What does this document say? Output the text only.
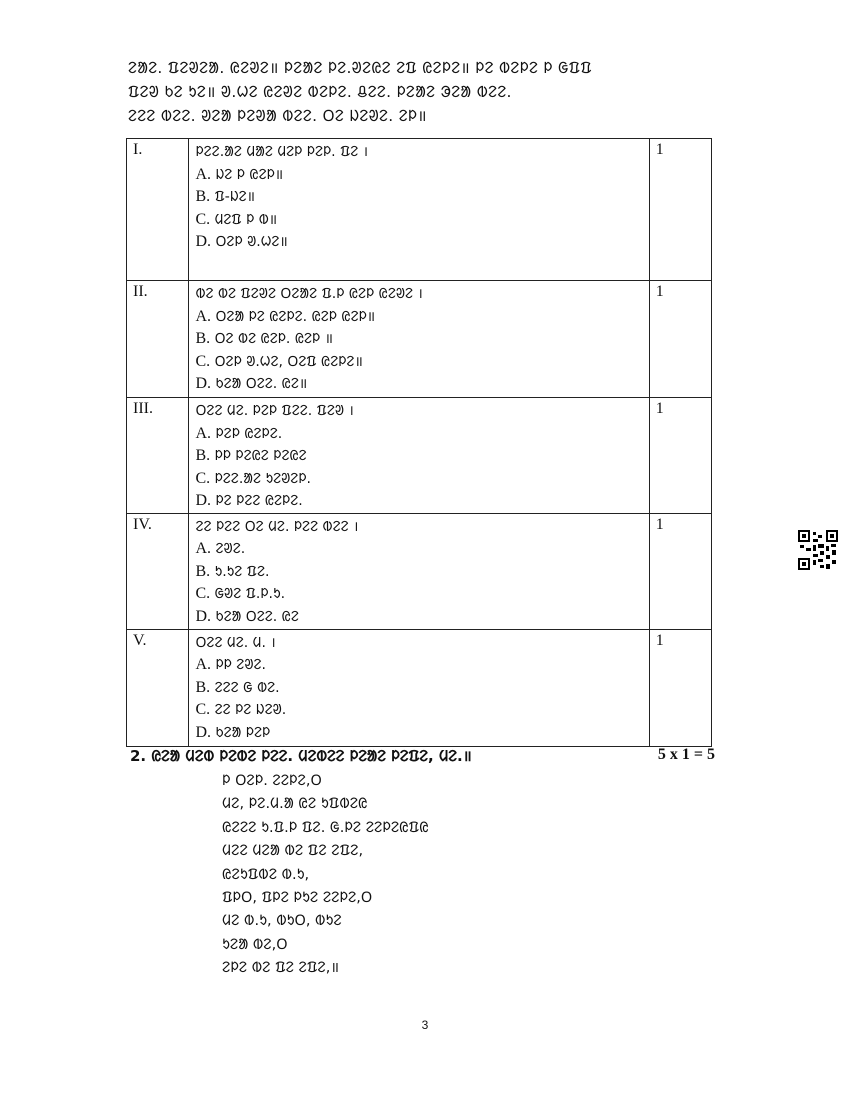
ᱮᱟᱮ. ᱯᱮᱣᱮᱟ. ᱭᱮᱣᱮ॥ ᱞᱮᱟᱮ ᱞᱮ.ᱣᱮᱭᱮ ᱮᱯ ᱭᱮᱞᱮ॥ ᱞᱮ ᱵᱮᱞᱮ ᱞ ᱜᱯᱯ
ᱯᱮᱣ ᱠᱮ ᱩᱮ॥ ᱣ.ᱦᱮ ᱭᱮᱣᱮ ᱵᱮᱞᱮ. ᱪᱮᱮ. ᱞᱮᱟᱮ ᱳᱮᱟ ᱵᱮᱮ.
ᱮᱮᱮ ᱵᱮᱮ. ᱣᱮᱟ ᱞᱮᱣᱟ ᱵᱮᱮ. ᱛᱮ ᱡᱮᱣᱮ. ᱮᱞ॥
I.	ᱞᱮᱮ.ᱟᱮ ᱢᱟᱮ ᱢᱮᱞ ᱞᱮᱞ. ᱯᱮ ।
A. ᱡᱮ ᱞ ᱭᱮᱞ॥
B. ᱯ-ᱡᱮ॥
C. ᱢᱮᱯ ᱞ ᱵ॥
D. ᱛᱮᱞ ᱣ.ᱦᱮ॥	1
II.	ᱵᱮ ᱵᱮ ᱯᱮᱣᱮ ᱛᱮᱟᱮ ᱯ.ᱞ ᱭᱮᱞ ᱭᱮᱣᱮ ।
A. ᱛᱮᱟ ᱞᱮ ᱭᱮᱞᱮ. ᱭᱮᱞ ᱭᱮᱞ॥
B. ᱛᱮ ᱵᱮ ᱭᱮᱞ. ᱭᱮᱞ ॥
C. ᱛᱮᱞ ᱣ.ᱦᱮ, ᱛᱮᱯ ᱭᱮᱞᱮ॥
D. ᱠᱮᱟ ᱛᱮᱮ. ᱭᱮ॥	1
III.	ᱛᱮᱮ ᱢᱮ. ᱞᱮᱞ ᱯᱮᱮ. ᱯᱮᱣ ।
A. ᱞᱮᱞ ᱭᱮᱞᱮ.
B. ᱞᱞ ᱞᱮᱭᱮ ᱞᱮᱭᱮ
C. ᱞᱮᱮ.ᱟᱮ ᱩᱮᱣᱮᱞ.
D. ᱞᱮ ᱞᱮᱮ ᱭᱮᱞᱮ.	1
IV.	ᱮᱮ ᱞᱮᱮ ᱛᱮ ᱢᱮ. ᱞᱮᱮ ᱵᱮᱮ ।
A. ᱮᱣᱮ.
B. ᱩ.ᱩᱮ ᱯᱮ.
C. ᱜᱣᱮ ᱯ.ᱞ.ᱩ.
D. ᱠᱮᱟ ᱛᱮᱮ. ᱭᱮ	1
V.	ᱛᱮᱮ ᱢᱮ. ᱢ. ।
A. ᱞᱞ ᱮᱣᱮ.
B. ᱮᱮᱮ ᱜ ᱵᱮ.
C. ᱮᱮ ᱞᱮ ᱡᱮᱣ.
D. ᱠᱮᱟ ᱞᱮᱞ	1
2. ᱭᱮᱟ ᱢᱮᱵ ᱞᱮᱵᱮ ᱞᱮᱮ. ᱢᱮᱵᱮᱮ ᱞᱮᱟᱮ ᱞᱮᱯᱮ, ᱢᱮ.॥	5 x 1 = 5
ᱞ ᱛᱮᱞ. ᱮᱮᱞᱮ,ᱛ
ᱢᱮ, ᱞᱮ.ᱢ.ᱟ ᱭᱮ ᱩᱯᱵᱮᱭ
ᱭᱮᱮᱮ ᱩ.ᱯ.ᱞ ᱯᱮ. ᱜ.ᱞᱮ ᱮᱮᱞᱮᱭᱯᱭ
ᱢᱮᱮ ᱢᱮᱟ ᱵᱮ ᱯᱮ ᱮᱯᱮ,
ᱭᱮᱩᱯᱵᱮ ᱵ.ᱩ,
ᱯᱞᱛ, ᱯᱞᱮ ᱞᱩᱮ ᱮᱮᱞᱮ,ᱛ
ᱢᱮ ᱵ.ᱩ, ᱵᱩᱛ, ᱵᱩᱮ
ᱩᱮᱟ ᱵᱮ,ᱛ
ᱮᱞᱮ ᱵᱮ ᱯᱮ ᱮᱯᱮ,॥
3
